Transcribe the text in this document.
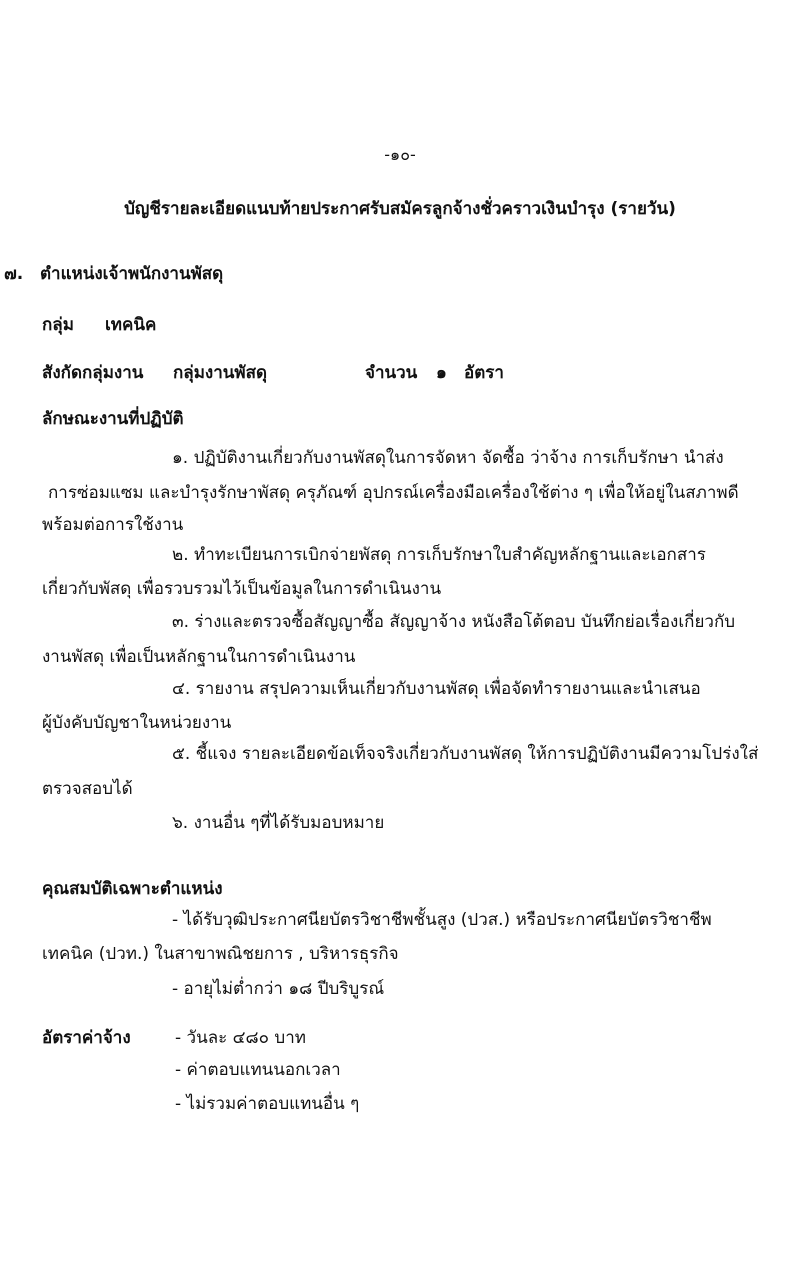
-๑๐-
บัญชีรายละเอียดแนบท้ายประกาศรับสมัครลูกจ้างชั่วคราวเงินบำรุง (รายวัน)
๗. ตำแหน่งเจ้าพนักงานพัสดุ
กลุ่ม เทคนิค
สังกัดกลุ่มงาน กลุ่มงานพัสดุ	จำนวน ๑ อัตรา
ลักษณะงานที่ปฏิบัติ
๑. ปฏิบัติงานเกี่ยวกับงานพัสดุในการจัดหา จัดซื้อ ว่าจ้าง การเก็บรักษา นำส่ง
การซ่อมแซม และบำรุงรักษาพัสดุ ครุภัณฑ์ อุปกรณ์เครื่องมือเครื่องใช้ต่าง ๆ เพื่อให้อยู่ในสภาพดี
พร้อมต่อการใช้งาน
๒. ทำทะเบียนการเบิกจ่ายพัสดุ การเก็บรักษาใบสำคัญหลักฐานและเอกสาร
เกี่ยวกับพัสดุ เพื่อรวบรวมไว้เป็นข้อมูลในการดำเนินงาน
๓. ร่างและตรวจซื้อสัญญาซื้อ สัญญาจ้าง หนังสือโต้ตอบ บันทึกย่อเรื่องเกี่ยวกับ
งานพัสดุ เพื่อเป็นหลักฐานในการดำเนินงาน
๔. รายงาน สรุปความเห็นเกี่ยวกับงานพัสดุ เพื่อจัดทำรายงานและนำเสนอ
ผู้บังคับบัญชาในหน่วยงาน
๕. ชี้แจง รายละเอียดข้อเท็จจริงเกี่ยวกับงานพัสดุ ให้การปฏิบัติงานมีความโปร่งใส่
ตรวจสอบได้
๖. งานอื่น ๆที่ได้รับมอบหมาย
คุณสมบัติเฉพาะตำแหน่ง
- ได้รับวุฒิประกาศนียบัตรวิชาชีพชั้นสูง (ปวส.) หรือประกาศนียบัตรวิชาชีพ
เทคนิค (ปวท.) ในสาขาพณิชยการ , บริหารธุรกิจ
- อายุไม่ต่ำกว่า ๑๘ ปีบริบูรณ์
อัตราค่าจ้าง	- วันละ ๔๘๐ บาท
- ค่าตอบแทนนอกเวลา
- ไม่รวมค่าตอบแทนอื่น ๆ
